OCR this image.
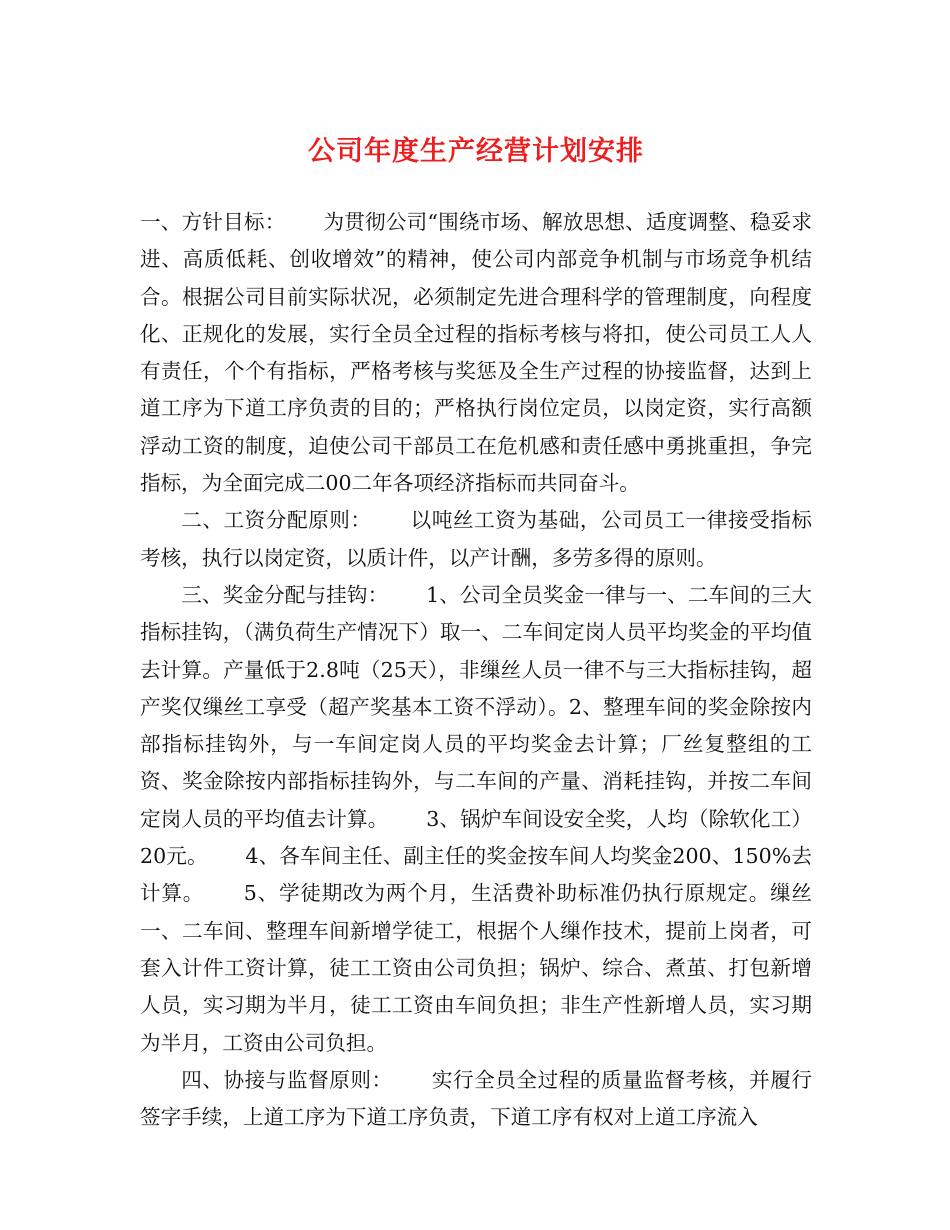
公司年度生产经营计划安排

一、方针目标：　　 为贯彻公司“围绕市场、解放思想、适度调整、稳妥求进、高质低耗、创收增效”的精神，使公司内部竞争机制与市场竞争机结合。根据公司目前实际状况，必须制定先进合理科学的管理制度，向程度化、正规化的发展，实行全员全过程的指标考核与将扣，使公司员工人人有责任，个个有指标，严格考核与奖惩及全生产过程的协接监督，达到上道工序为下道工序负责的目的；严格执行岗位定员，以岗定资，实行高额浮动工资的制度，迫使公司干部员工在危机感和责任感中勇挑重担，争完指标，为全面完成二00二年各项经济指标而共同奋斗。

二、工资分配原则：　　 以吨丝工资为基础，公司员工一律接受指标考核，执行以岗定资，以质计件，以产计酬，多劳多得的原则。

三、奖金分配与挂钩：　　 1、公司全员奖金一律与一、二车间的三大指标挂钩，（满负荷生产情况下）取一、二车间定岗人员平均奖金的平均值去计算。产量低于2.8吨（25天），非缫丝人员一律不与三大指标挂钩，超产奖仅缫丝工享受（超产奖基本工资不浮动）。2、整理车间的奖金除按内部指标挂钩外，与一车间定岗人员的平均奖金去计算；厂丝复整组的工资、奖金除按内部指标挂钩外，与二车间的产量、消耗挂钩，并按二车间定岗人员的平均值去计算。　　 3、锅炉车间设安全奖，人均（除软化工）20元。　　 4、各车间主任、副主任的奖金按车间人均奖金200、150%去计算。　　 5、学徒期改为两个月，生活费补助标准仍执行原规定。缫丝一、二车间、整理车间新增学徒工，根据个人缫作技术，提前上岗者，可套入计件工资计算，徒工工资由公司负担；锅炉、综合、煮茧、打包新增人员，实习期为半月，徒工工资由车间负担；非生产性新增人员，实习期为半月，工资由公司负担。

四、协接与监督原则：　　 实行全员全过程的质量监督考核，并履行签字手续，上道工序为下道工序负责，下道工序有权对上道工序流入
